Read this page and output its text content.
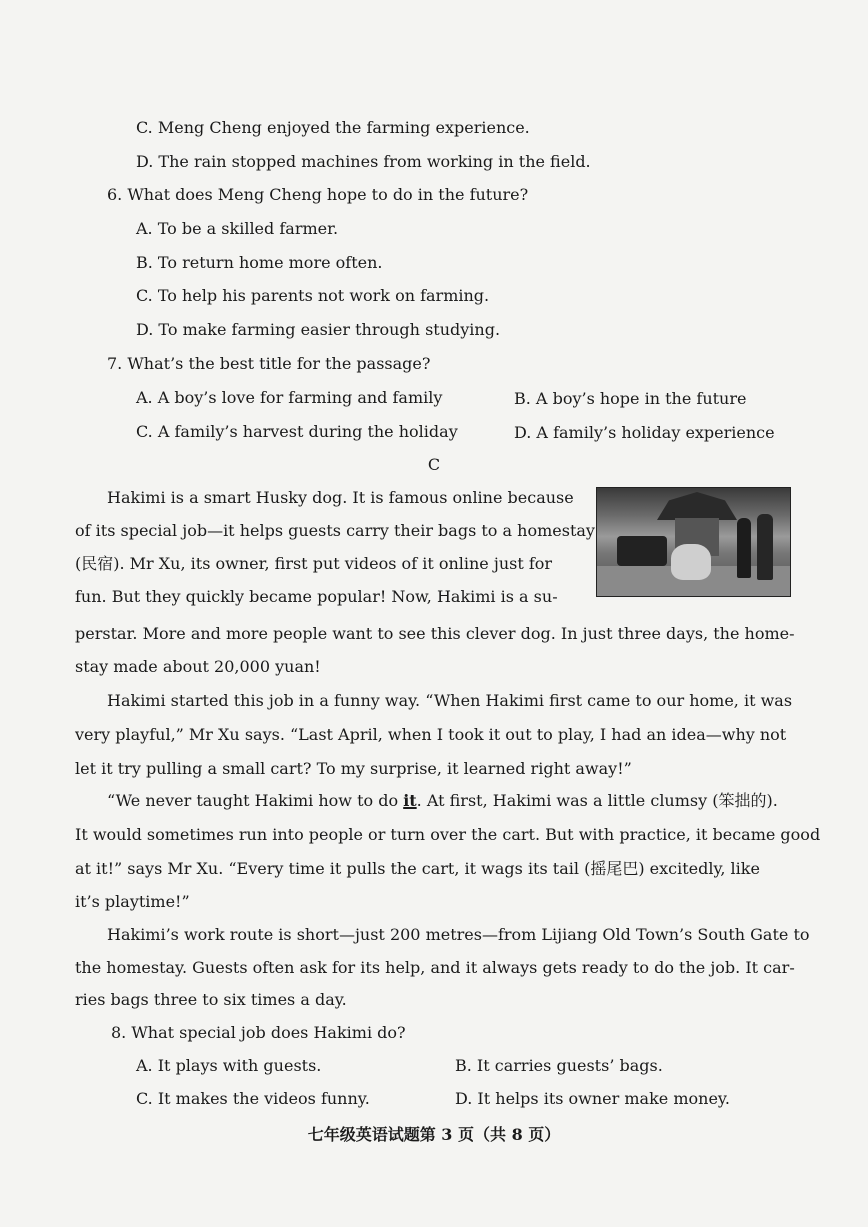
C. Meng Cheng enjoyed the farming experience.
D. The rain stopped machines from working in the field.
6. What does Meng Cheng hope to do in the future?
A. To be a skilled farmer.
B. To return home more often.
C. To help his parents not work on farming.
D. To make farming easier through studying.
7. What’s the best title for the passage?
A. A boy’s love for farming and family	B. A boy’s hope in the future
C. A family’s harvest during the holiday	D. A family’s holiday experience
C
Hakimi is a smart Husky dog. It is famous online because
of its special job—it helps guests carry their bags to a homestay
(民宿). Mr Xu, its owner, first put videos of it online just for
fun. But they quickly became popular! Now, Hakimi is a su-
perstar. More and more people want to see this clever dog. In just three days, the home-
stay made about 20,000 yuan!
Hakimi started this job in a funny way. “When Hakimi first came to our home, it was
very playful,” Mr Xu says. “Last April, when I took it out to play, I had an idea—why not
let it try pulling a small cart? To my surprise, it learned right away!”
“We never taught Hakimi how to do it. At first, Hakimi was a little clumsy (笨拙的).
It would sometimes run into people or turn over the cart. But with practice, it became good
at it!” says Mr Xu. “Every time it pulls the cart, it wags its tail (摇尾巴) excitedly, like
it’s playtime!”
Hakimi’s work route is short—just 200 metres—from Lijiang Old Town’s South Gate to
the homestay. Guests often ask for its help, and it always gets ready to do the job. It car-
ries bags three to six times a day.
8. What special job does Hakimi do?
A. It plays with guests.	B. It carries guests’ bags.
C. It makes the videos funny.	D. It helps its owner make money.
七年级英语试题第 3 页（共 8 页）
